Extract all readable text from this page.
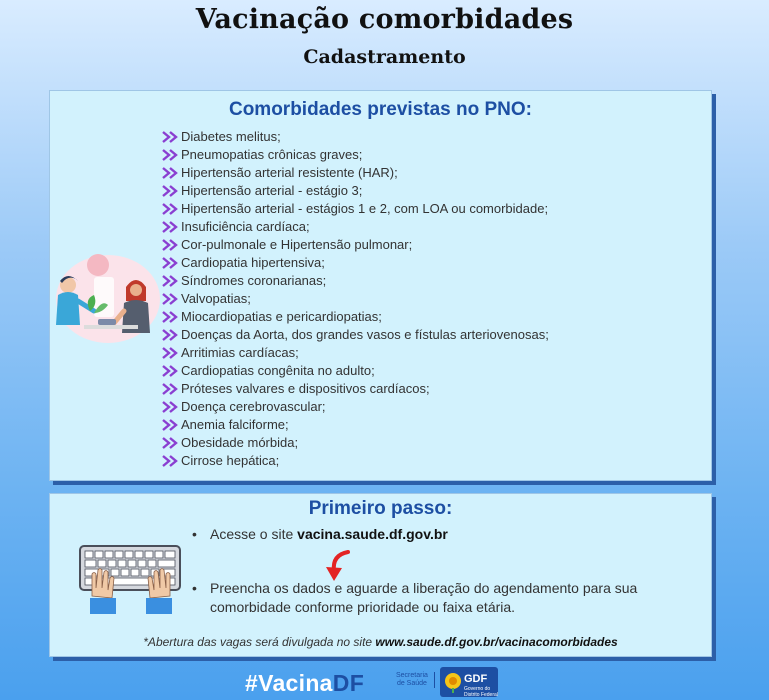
Vacinação comorbidades
Cadastramento
Comorbidades previstas no PNO:
Diabetes melitus;
Pneumopatias crônicas graves;
Hipertensão arterial resistente (HAR);
Hipertensão arterial - estágio 3;
Hipertensão arterial - estágios 1 e 2, com LOA ou comorbidade;
Insuficiência cardíaca;
Cor-pulmonale e Hipertensão pulmonar;
Cardiopatia hipertensiva;
Síndromes coronarianas;
Valvopatias;
Miocardiopatias e pericardiopatias;
Doenças da Aorta, dos grandes vasos e fístulas arteriovenosas;
Arritimias cardíacas;
Cardiopatias congênita no adulto;
Próteses valvares e dispositivos cardíacos;
Doença cerebrovascular;
Anemia falciforme;
Obesidade mórbida;
Cirrose hepática;
Primeiro passo:
• Acesse o site vacina.saude.df.gov.br
• Preencha os dados e aguarde a liberação do agendamento para sua comorbidade conforme prioridade ou faixa etária.
*Abertura das vagas será divulgada no site www.saude.df.gov.br/vacinacomorbidades
#VacinaDF	Secretaria
de Saúde	GDF
Governo do Distrito Federal
